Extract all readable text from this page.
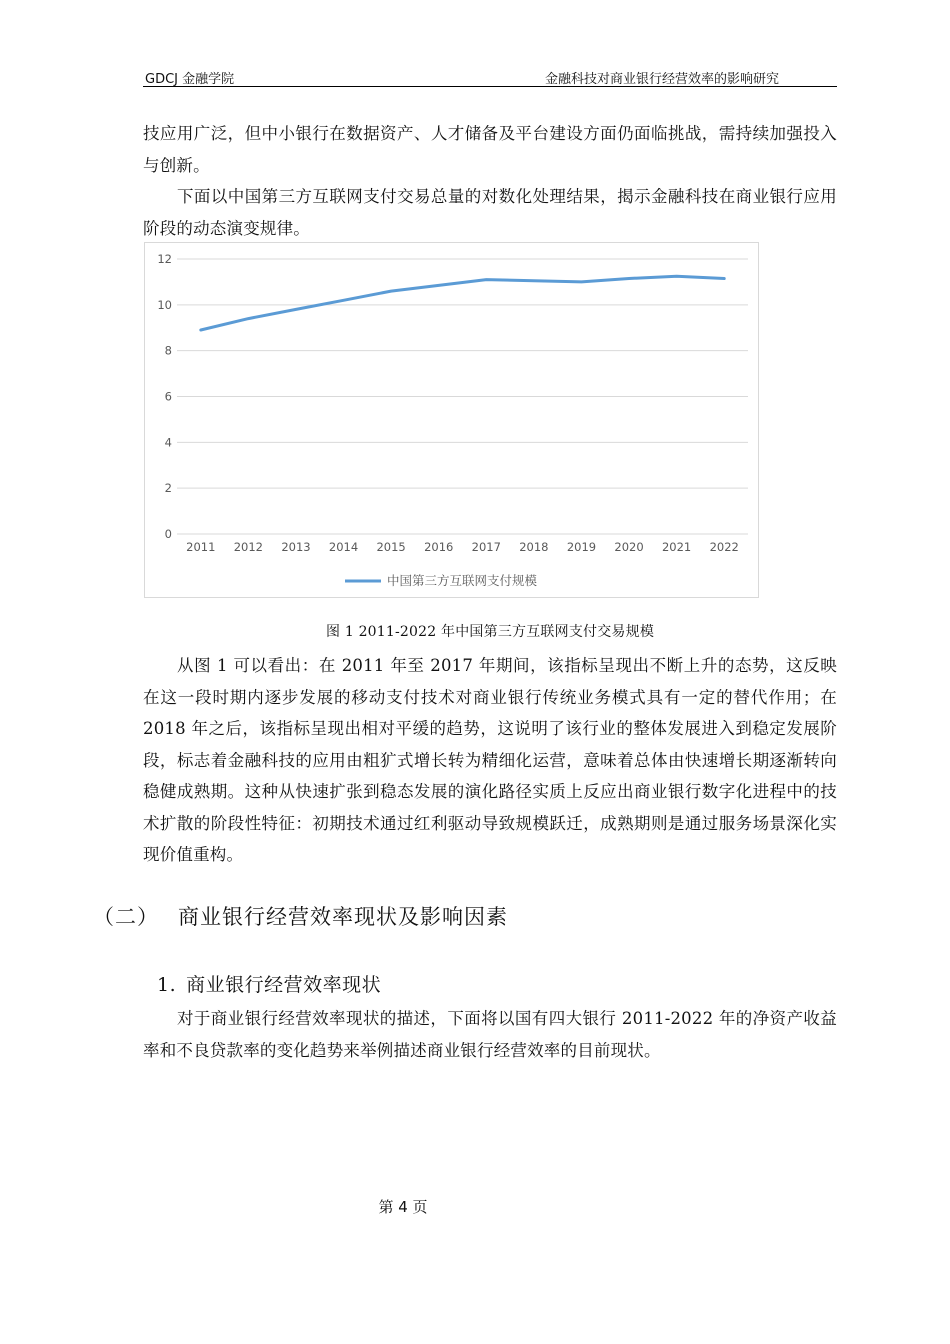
GDCJ 金融学院	金融科技对商业银行经营效率的影响研究

技应用广泛，但中小银行在数据资产、人才储备及平台建设方面仍面临挑战，需持续加强投入与创新。

下面以中国第三方互联网支付交易总量的对数化处理结果，揭示金融科技在商业银行应用阶段的动态演变规律。

0
2
4
6
8
10
12
2011 2012 2013 2014 2015 2016 2017 2018 2019 2020 2021 2022
中国第三方互联网支付规模
图 1 2011-2022 年中国第三方互联网支付交易规模

从图 1 可以看出：在 2011 年至 2017 年期间，该指标呈现出不断上升的态势，这反映在这一段时期内逐步发展的移动支付技术对商业银行传统业务模式具有一定的替代作用；在 2018 年之后，该指标呈现出相对平缓的趋势，这说明了该行业的整体发展进入到稳定发展阶段，标志着金融科技的应用由粗犷式增长转为精细化运营，意味着总体由快速增长期逐渐转向稳健成熟期。这种从快速扩张到稳态发展的演化路径实质上反应出商业银行数字化进程中的技术扩散的阶段性特征：初期技术通过红利驱动导致规模跃迁，成熟期则是通过服务场景深化实现价值重构。

（二） 商业银行经营效率现状及影响因素
1. 商业银行经营效率现状

对于商业银行经营效率现状的描述，下面将以国有四大银行 2011-2022 年的净资产收益率和不良贷款率的变化趋势来举例描述商业银行经营效率的目前现状。

第 4 页
